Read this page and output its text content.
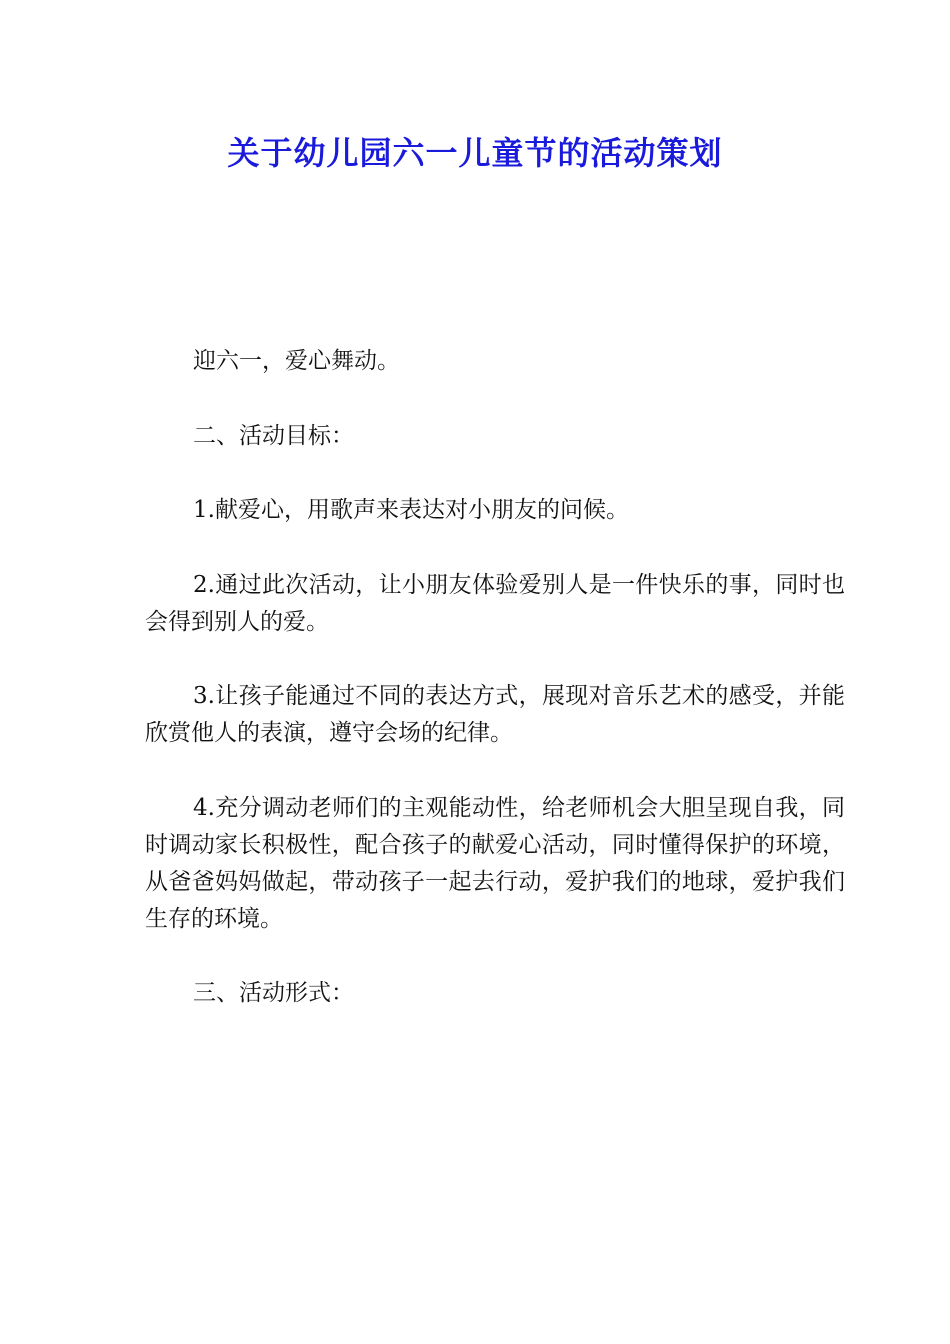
关于幼儿园六一儿童节的活动策划

迎六一，爱心舞动。

二、活动目标：

1.献爱心，用歌声来表达对小朋友的问候。

2.通过此次活动，让小朋友体验爱别人是一件快乐的事，同时也会得到别人的爱。

3.让孩子能通过不同的表达方式，展现对音乐艺术的感受，并能欣赏他人的表演，遵守会场的纪律。

4.充分调动老师们的主观能动性，给老师机会大胆呈现自我，同时调动家长积极性，配合孩子的献爱心活动，同时懂得保护的环境，从爸爸妈妈做起，带动孩子一起去行动，爱护我们的地球，爱护我们生存的环境。

三、活动形式：
